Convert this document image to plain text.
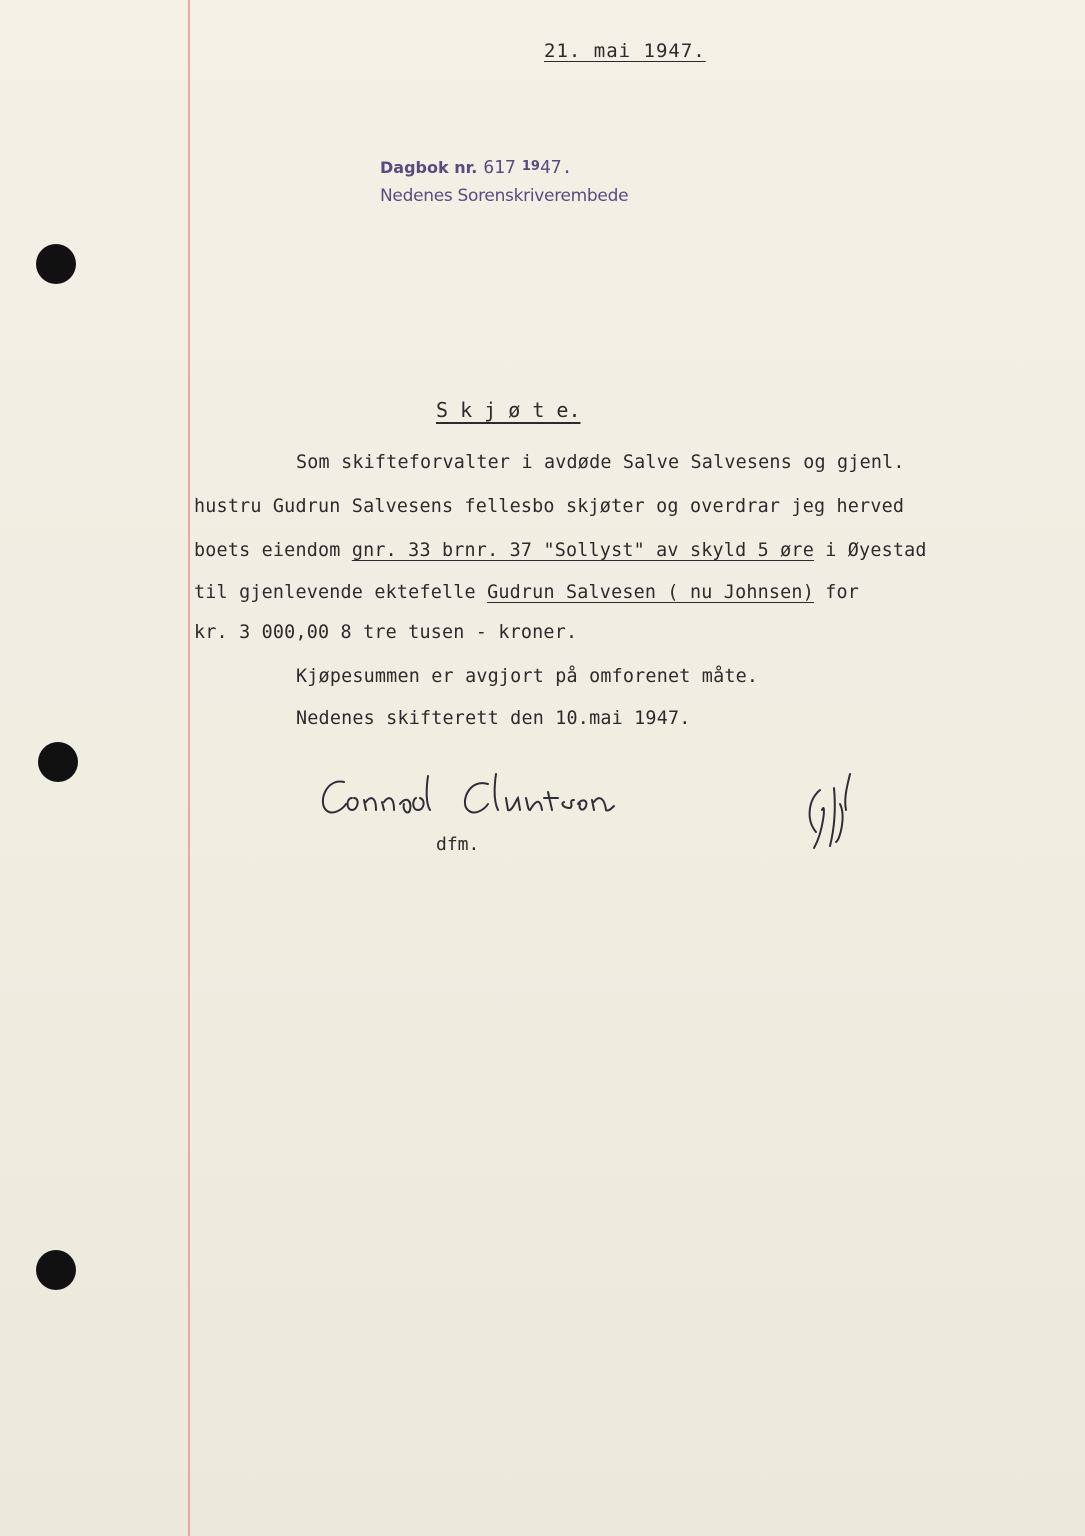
21. mai 1947.
Dagbok nr. 617 1947.
Nedenes Sorenskriverembede
S k j ø t e.
Som skifteforvalter i avdøde Salve Salvesens og gjenl.
hustru Gudrun Salvesens fellesbo skjøter og overdrar jeg herved
boets eiendom gnr. 33 brnr. 37 "Sollyst" av skyld 5 øre i Øyestad
til gjenlevende ektefelle Gudrun Salvesen ( nu Johnsen) for
kr. 3 000,00 8 tre tusen - kroner.
Kjøpesummen er avgjort på omforenet måte.
Nedenes skifterett den 10.mai 1947.
dfm.
